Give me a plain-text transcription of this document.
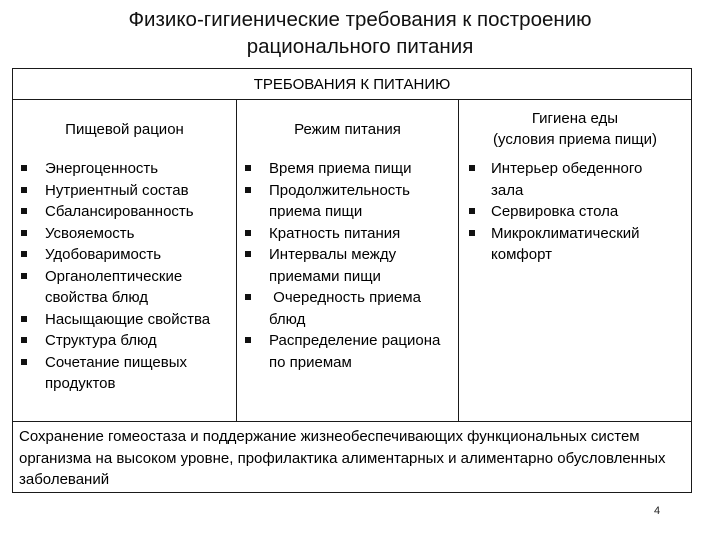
Физико-гигиенические требования к построению
рационального питания
ТРЕБОВАНИЯ К ПИТАНИЮ
Пищевой рацион
Энергоценность
Нутриентный состав
Сбалансированность
Усвояемость
Удобоваримость
Органолептические свойства блюд
Насыщающие свойства
Структура блюд
Сочетание пищевых продуктов
Режим питания
Время приема пищи
Продолжительность приема пищи
Кратность питания
Интервалы между приемами пищи
Очередность приема блюд
Распределение рациона по приемам
Гигиена еды
(условия приема пищи)
Интерьер обеденного зала
Сервировка стола
Микроклиматический комфорт
Сохранение гомеостаза и поддержание жизнеобеспечивающих функциональных систем организма на высоком уровне, профилактика алиментарных и алиментарно обусловленных заболеваний
4
